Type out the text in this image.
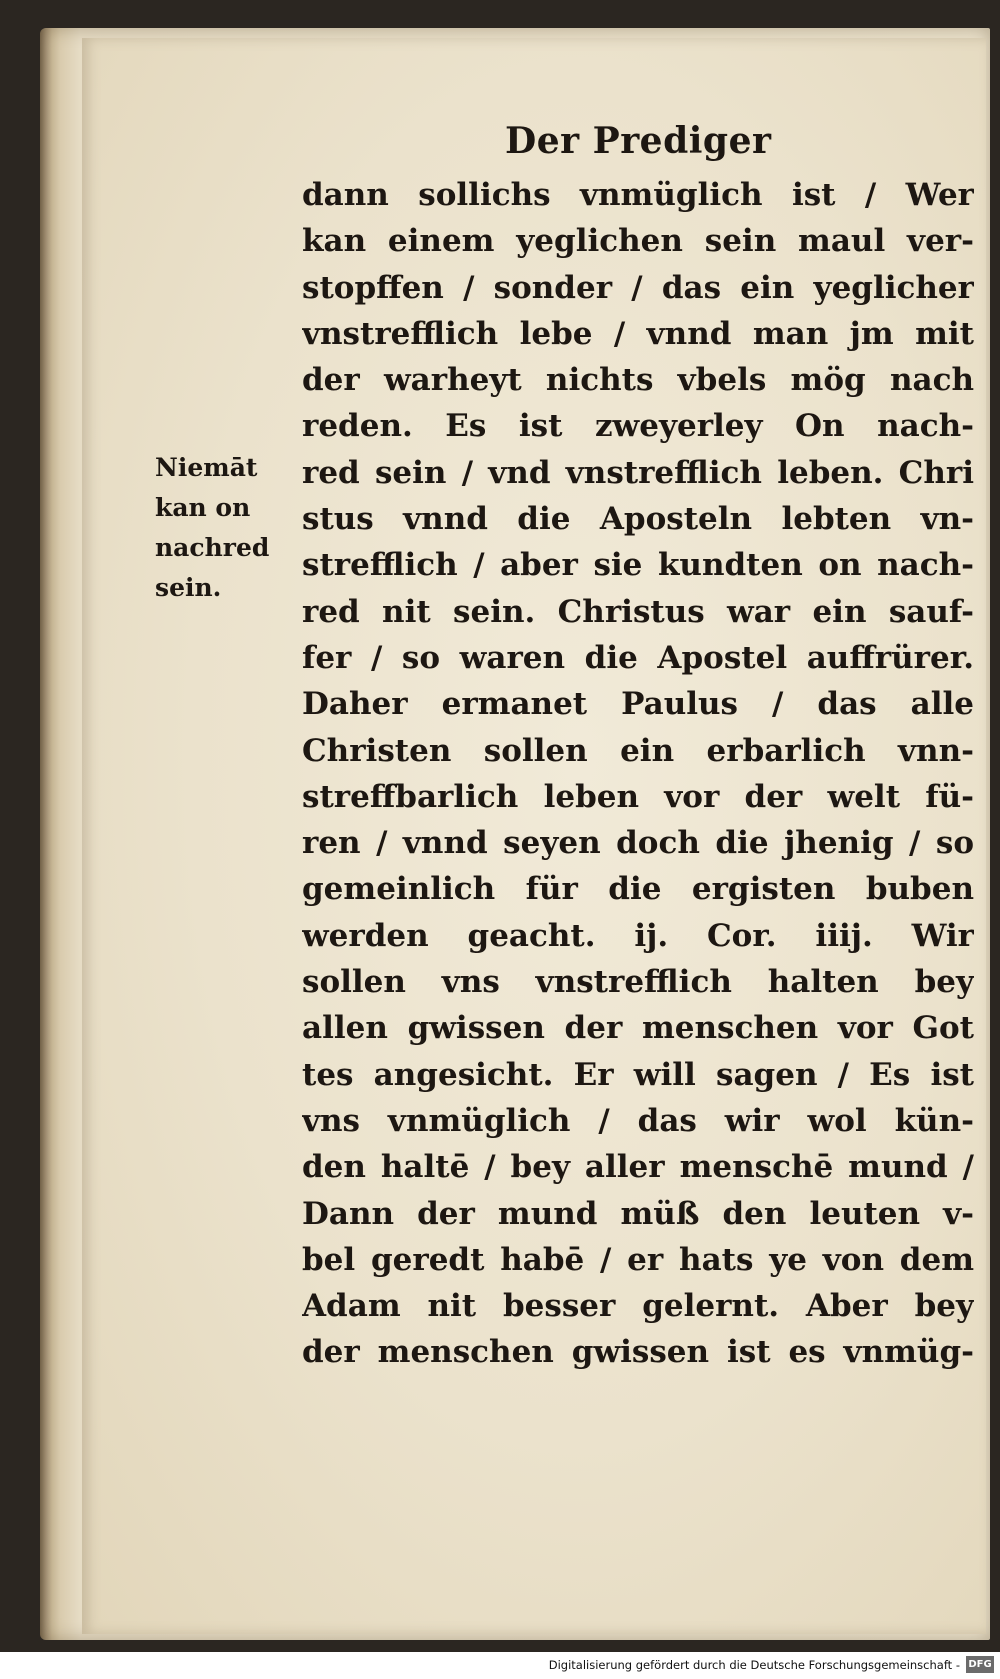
Der Prediger
Niemāt
kan on
nachred
sein.
dann sollichs vnmüglich ist / Wer
kan einem yeglichen sein maul ver-
stopffen / sonder / das ein yeglicher
vnstrefflich lebe / vnnd man jm mit
der warheyt nichts vbels mög nach
reden. Es ist zweyerley On nach-
red sein / vnd vnstrefflich leben. Chri
stus vnnd die Aposteln lebten vn-
strefflich / aber sie kundten on nach-
red nit sein. Christus war ein sauf-
fer / so waren die Apostel auffrürer.
Daher ermanet Paulus / das alle
Christen sollen ein erbarlich vnn-
streffbarlich leben vor der welt fü-
ren / vnnd seyen doch die jhenig / so
gemeinlich für die ergisten buben
werden geacht. ij. Cor. iiij. Wir
sollen vns vnstrefflich halten bey
allen gwissen der menschen vor Got
tes angesicht. Er will sagen / Es ist
vns vnmüglich / das wir wol kün-
den haltē / bey aller menschē mund /
Dann der mund müß den leuten v-
bel geredt habē / er hats ye von dem
Adam nit besser gelernt. Aber bey
der menschen gwissen ist es vnmüg-
Digitalisierung gefördert durch die Deutsche Forschungsgemeinschaft - DFG
